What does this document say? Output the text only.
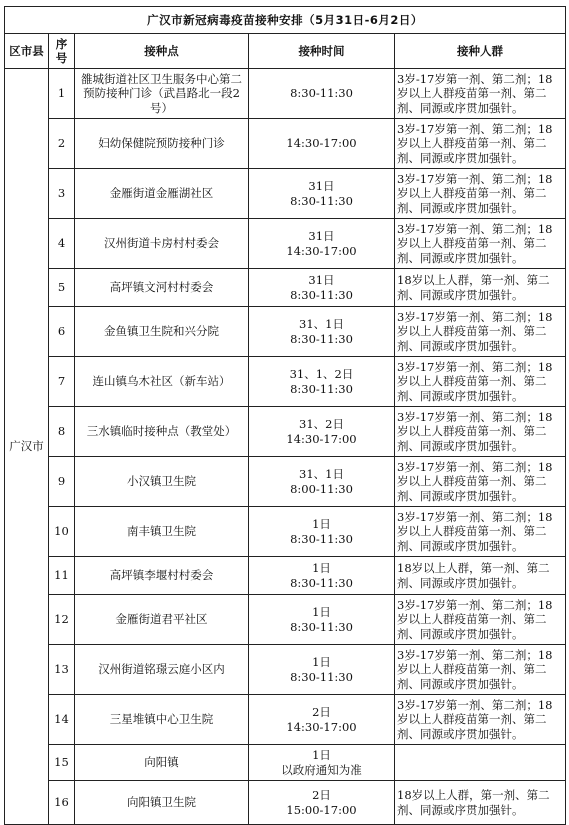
广汉市新冠病毒疫苗接种安排（5月31日-6月2日）				
区市县	序号	接种点	接种时间	接种人群
广汉市	1	雒城街道社区卫生服务中心第二预防接种门诊（武昌路北一段2号）	8:30-11:30	3岁-17岁第一剂、第二剂；18岁以上人群疫苗第一剂、第二剂、同源或序贯加强针。
	2	妇幼保健院预防接种门诊	14:30-17:00	3岁-17岁第一剂、第二剂；18岁以上人群疫苗第一剂、第二剂、同源或序贯加强针。
	3	金雁街道金雁湖社区	31日
8:30-11:30	3岁-17岁第一剂、第二剂；18岁以上人群疫苗第一剂、第二剂、同源或序贯加强针。
	4	汉州街道卡房村村委会	31日
14:30-17:00	3岁-17岁第一剂、第二剂；18岁以上人群疫苗第一剂、第二剂、同源或序贯加强针。
	5	高坪镇文河村村委会	31日
8:30-11:30	18岁以上人群，第一剂、第二剂、同源或序贯加强针。
	6	金鱼镇卫生院和兴分院	31、1日
8:30-11:30	3岁-17岁第一剂、第二剂；18岁以上人群疫苗第一剂、第二剂、同源或序贯加强针。
	7	连山镇乌木社区（新车站）	31、1、2日
8:30-11:30	3岁-17岁第一剂、第二剂；18岁以上人群疫苗第一剂、第二剂、同源或序贯加强针。
	8	三水镇临时接种点（教堂处）	31、2日
14:30-17:00	3岁-17岁第一剂、第二剂；18岁以上人群疫苗第一剂、第二剂、同源或序贯加强针。
	9	小汉镇卫生院	31、1日
8:00-11:30	3岁-17岁第一剂、第二剂；18岁以上人群疫苗第一剂、第二剂、同源或序贯加强针。
	10	南丰镇卫生院	1日
8:30-11:30	3岁-17岁第一剂、第二剂；18岁以上人群疫苗第一剂、第二剂、同源或序贯加强针。
	11	高坪镇李堰村村委会	1日
8:30-11:30	18岁以上人群，第一剂、第二剂、同源或序贯加强针。
	12	金雁街道君平社区	1日
8:30-11:30	3岁-17岁第一剂、第二剂；18岁以上人群疫苗第一剂、第二剂、同源或序贯加强针。
	13	汉州街道铭璟云庭小区内	1日
8:30-11:30	3岁-17岁第一剂、第二剂；18岁以上人群疫苗第一剂、第二剂、同源或序贯加强针。
	14	三星堆镇中心卫生院	2日
14:30-17:00	3岁-17岁第一剂、第二剂；18岁以上人群疫苗第一剂、第二剂、同源或序贯加强针。
	15	向阳镇	1日
以政府通知为准	
	16	向阳镇卫生院	2日
15:00-17:00	18岁以上人群，第一剂、第二剂、同源或序贯加强针。
